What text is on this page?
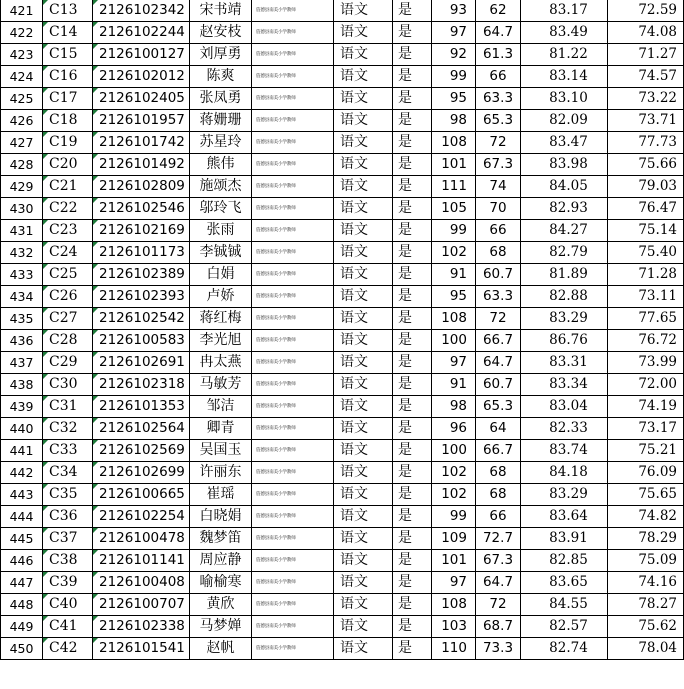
421	C13	2126102342	宋书靖	旌德县南美小学教师	语文	是	93	62	83.17	72.59
422	C14	2126102244	赵安枝	旌德县南美小学教师	语文	是	97	64.7	83.49	74.08
423	C15	2126100127	刘厚勇	旌德县南美小学教师	语文	是	92	61.3	81.22	71.27
424	C16	2126102012	陈爽	旌德县南美小学教师	语文	是	99	66	83.14	74.57
425	C17	2126102405	张凤勇	旌德县南美小学教师	语文	是	95	63.3	83.10	73.22
426	C18	2126101957	蒋姗珊	旌德县南美小学教师	语文	是	98	65.3	82.09	73.71
427	C19	2126101742	苏星玲	旌德县南美小学教师	语文	是	108	72	83.47	77.73
428	C20	2126101492	熊伟	旌德县南美小学教师	语文	是	101	67.3	83.98	75.66
429	C21	2126102809	施颂杰	旌德县南美小学教师	语文	是	111	74	84.05	79.03
430	C22	2126102546	邬玲飞	旌德县南美小学教师	语文	是	105	70	82.93	76.47
431	C23	2126102169	张雨	旌德县南美小学教师	语文	是	99	66	84.27	75.14
432	C24	2126101173	李铖铖	旌德县南美小学教师	语文	是	102	68	82.79	75.40
433	C25	2126102389	白娟	旌德县南美小学教师	语文	是	91	60.7	81.89	71.28
434	C26	2126102393	卢娇	旌德县南美小学教师	语文	是	95	63.3	82.88	73.11
435	C27	2126102542	蒋红梅	旌德县南美小学教师	语文	是	108	72	83.29	77.65
436	C28	2126100583	李光旭	旌德县南美小学教师	语文	是	100	66.7	86.76	76.72
437	C29	2126102691	冉太燕	旌德县南美小学教师	语文	是	97	64.7	83.31	73.99
438	C30	2126102318	马敏芳	旌德县南美小学教师	语文	是	91	60.7	83.34	72.00
439	C31	2126101353	邹洁	旌德县南美小学教师	语文	是	98	65.3	83.04	74.19
440	C32	2126102564	卿青	旌德县南美小学教师	语文	是	96	64	82.33	73.17
441	C33	2126102569	吴国玉	旌德县南美小学教师	语文	是	100	66.7	83.74	75.21
442	C34	2126102699	许丽东	旌德县南美小学教师	语文	是	102	68	84.18	76.09
443	C35	2126100665	崔瑶	旌德县南美小学教师	语文	是	102	68	83.29	75.65
444	C36	2126102254	白晓娟	旌德县南美小学教师	语文	是	99	66	83.64	74.82
445	C37	2126100478	魏梦笛	旌德县南美小学教师	语文	是	109	72.7	83.91	78.29
446	C38	2126101141	周应静	旌德县南美小学教师	语文	是	101	67.3	82.85	75.09
447	C39	2126100408	喻榆寒	旌德县南美小学教师	语文	是	97	64.7	83.65	74.16
448	C40	2126100707	黄欣	旌德县南美小学教师	语文	是	108	72	84.55	78.27
449	C41	2126102338	马梦婵	旌德县南美小学教师	语文	是	103	68.7	82.57	75.62
450	C42	2126101541	赵帆	旌德县南美小学教师	语文	是	110	73.3	82.74	78.04
